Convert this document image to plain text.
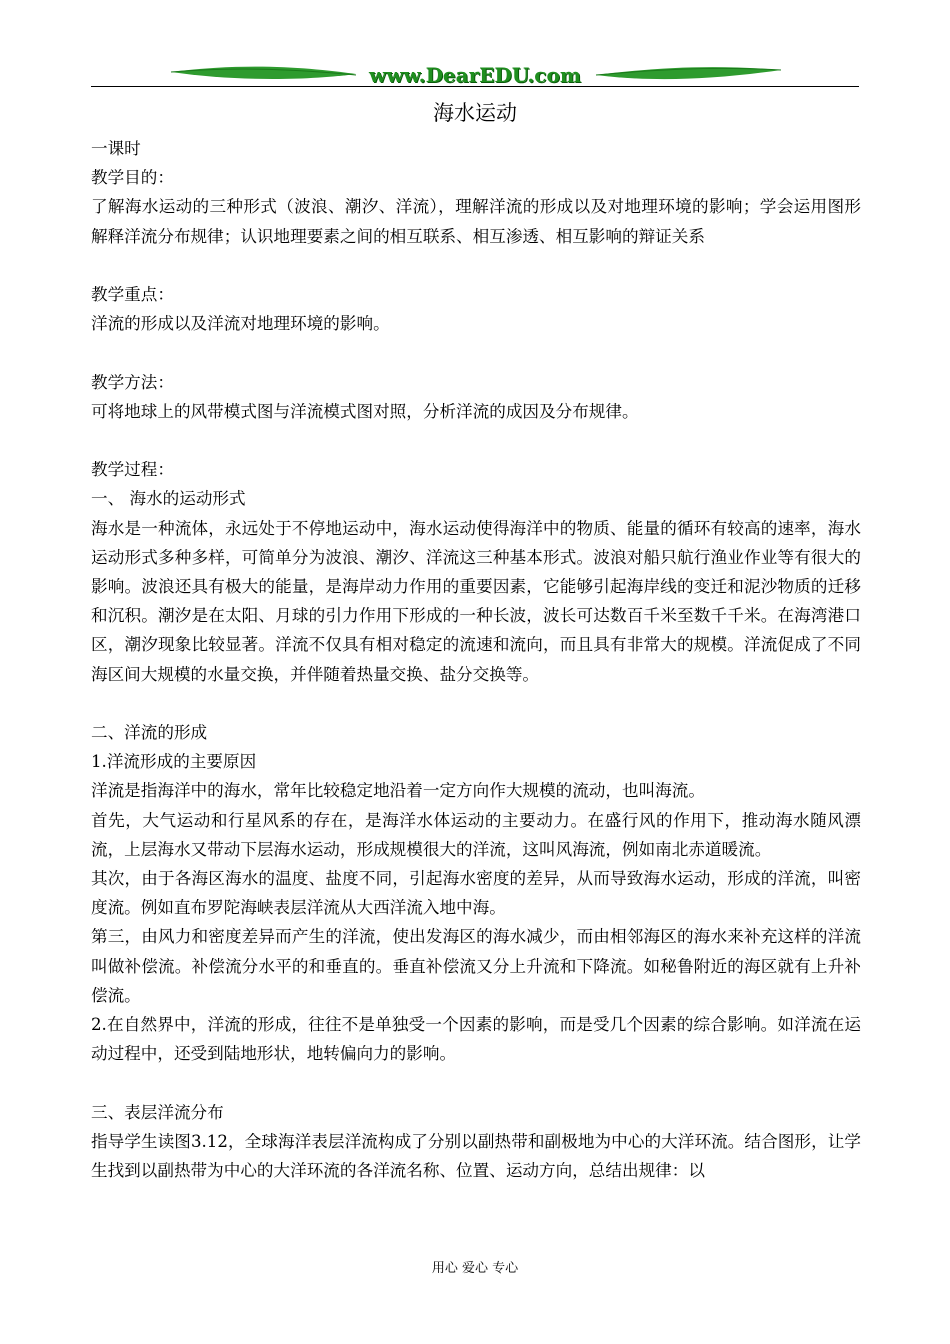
www.DearEDU.com
海水运动

一课时

教学目的：

了解海水运动的三种形式（波浪、潮汐、洋流），理解洋流的形成以及对地理环境的影响；学会运用图形解释洋流分布规律；认识地理要素之间的相互联系、相互渗透、相互影响的辩证关系

教学重点：

洋流的形成以及洋流对地理环境的影响。

教学方法：

可将地球上的风带模式图与洋流模式图对照，分析洋流的成因及分布规律。

教学过程：

一、 海水的运动形式

海水是一种流体，永远处于不停地运动中，海水运动使得海洋中的物质、能量的循环有较高的速率，海水运动形式多种多样，可简单分为波浪、潮汐、洋流这三种基本形式。波浪对船只航行渔业作业等有很大的影响。波浪还具有极大的能量，是海岸动力作用的重要因素，它能够引起海岸线的变迁和泥沙物质的迁移和沉积。潮汐是在太阳、月球的引力作用下形成的一种长波，波长可达数百千米至数千千米。在海湾港口区，潮汐现象比较显著。洋流不仅具有相对稳定的流速和流向，而且具有非常大的规模。洋流促成了不同海区间大规模的水量交换，并伴随着热量交换、盐分交换等。

二、洋流的形成

1.洋流形成的主要原因

洋流是指海洋中的海水，常年比较稳定地沿着一定方向作大规模的流动，也叫海流。

首先，大气运动和行星风系的存在，是海洋水体运动的主要动力。在盛行风的作用下，推动海水随风漂流，上层海水又带动下层海水运动，形成规模很大的洋流，这叫风海流，例如南北赤道暖流。

其次，由于各海区海水的温度、盐度不同，引起海水密度的差异，从而导致海水运动，形成的洋流，叫密度流。例如直布罗陀海峡表层洋流从大西洋流入地中海。

第三，由风力和密度差异而产生的洋流，使出发海区的海水减少，而由相邻海区的海水来补充这样的洋流叫做补偿流。补偿流分水平的和垂直的。垂直补偿流又分上升流和下降流。如秘鲁附近的海区就有上升补偿流。

2.在自然界中，洋流的形成，往往不是单独受一个因素的影响，而是受几个因素的综合影响。如洋流在运动过程中，还受到陆地形状，地转偏向力的影响。

三、表层洋流分布

指导学生读图3.12，全球海洋表层洋流构成了分别以副热带和副极地为中心的大洋环流。结合图形，让学生找到以副热带为中心的大洋环流的各洋流名称、位置、运动方向，总结出规律：以

用心 爱心 专心
